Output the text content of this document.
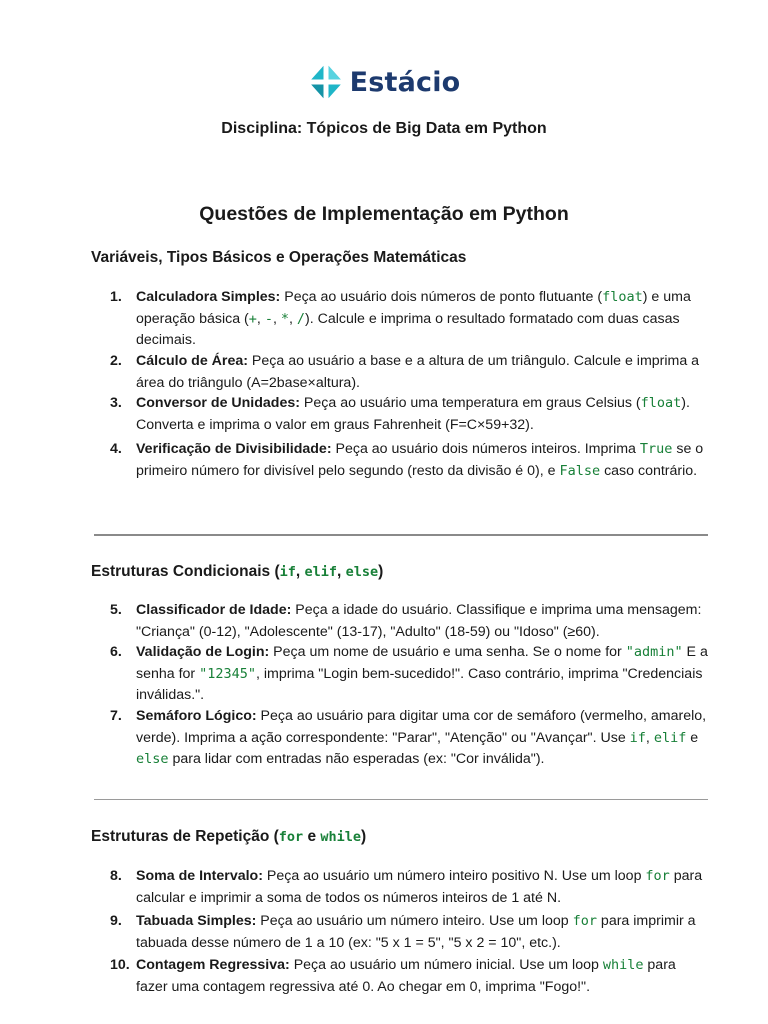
Estácio
Disciplina: Tópicos de Big Data em Python
Questões de Implementação em Python
Variáveis, Tipos Básicos e Operações Matemáticas
1. Calculadora Simples: Peça ao usuário dois números de ponto flutuante (float) e uma operação básica (+, -, *, /). Calcule e imprima o resultado formatado com duas casas decimais.
2. Cálculo de Área: Peça ao usuário a base e a altura de um triângulo. Calcule e imprima a área do triângulo (A=2base×altura).
3. Conversor de Unidades: Peça ao usuário uma temperatura em graus Celsius (float). Converta e imprima o valor em graus Fahrenheit (F=C×59+32).
4. Verificação de Divisibilidade: Peça ao usuário dois números inteiros. Imprima True se o primeiro número for divisível pelo segundo (resto da divisão é 0), e False caso contrário.
Estruturas Condicionais (if, elif, else)
5. Classificador de Idade: Peça a idade do usuário. Classifique e imprima uma mensagem: "Criança" (0-12), "Adolescente" (13-17), "Adulto" (18-59) ou "Idoso" (≥60).
6. Validação de Login: Peça um nome de usuário e uma senha. Se o nome for "admin" E a senha for "12345", imprima "Login bem-sucedido!". Caso contrário, imprima "Credenciais inválidas.".
7. Semáforo Lógico: Peça ao usuário para digitar uma cor de semáforo (vermelho, amarelo, verde). Imprima a ação correspondente: "Parar", "Atenção" ou "Avançar". Use if, elif e else para lidar com entradas não esperadas (ex: "Cor inválida").
Estruturas de Repetição (for e while)
8. Soma de Intervalo: Peça ao usuário um número inteiro positivo N. Use um loop for para calcular e imprimir a soma de todos os números inteiros de 1 até N.
9. Tabuada Simples: Peça ao usuário um número inteiro. Use um loop for para imprimir a tabuada desse número de 1 a 10 (ex: "5 x 1 = 5", "5 x 2 = 10", etc.).
10. Contagem Regressiva: Peça ao usuário um número inicial. Use um loop while para fazer uma contagem regressiva até 0. Ao chegar em 0, imprima "Fogo!".
